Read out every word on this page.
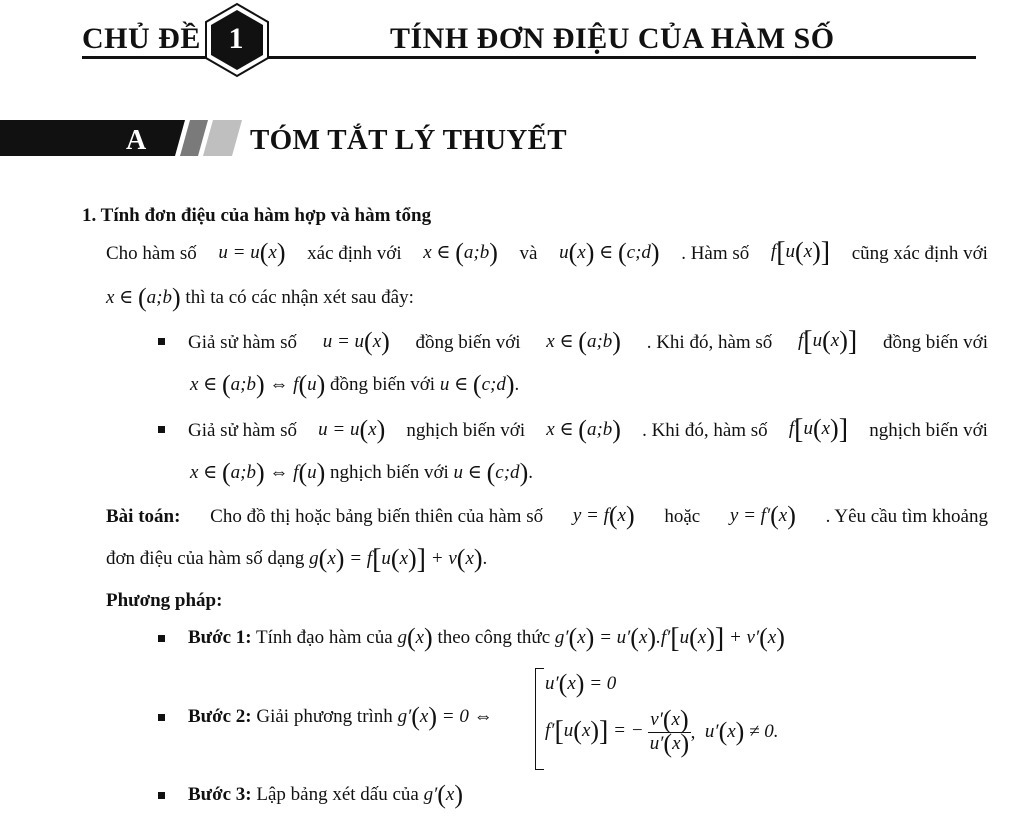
CHỦ ĐỀ 1	TÍNH ĐƠN ĐIỆU CỦA HÀM SỐ
A	TÓM TẮT LÝ THUYẾT
1. Tính đơn điệu của hàm hợp và hàm tổng
Cho hàm số u = u(x) xác định với x ∈ (a;b) và u(x) ∈ (c;d) . Hàm số f[u(x)] cũng xác định với
x ∈ (a;b) thì ta có các nhận xét sau đây:
Giả sử hàm số u = u(x) đồng biến với x ∈ (a;b) . Khi đó, hàm số f[u(x)] đồng biến với
x ∈ (a;b) ⇔ f(u) đồng biến với u ∈ (c;d).
Giả sử hàm số u = u(x) nghịch biến với x ∈ (a;b) . Khi đó, hàm số f[u(x)] nghịch biến với
x ∈ (a;b) ⇔ f(u) nghịch biến với u ∈ (c;d).
Bài toán: Cho đồ thị hoặc bảng biến thiên của hàm số y = f(x) hoặc y = f′(x) . Yêu cầu tìm khoảng
đơn điệu của hàm số dạng g(x) = f[u(x)] + v(x).
Phương pháp:
Bước 1: Tính đạo hàm của g(x) theo công thức g′(x) = u′(x).f′[u(x)] + v′(x)
Bước 2: Giải phương trình g′(x) = 0 ⇔
u′(x) = 0
f′[u(x)] = − $\frac{v'(x)}{u'(x)}$ , u′(x) ≠ 0.
Bước 3: Lập bảng xét dấu của g′(x)
